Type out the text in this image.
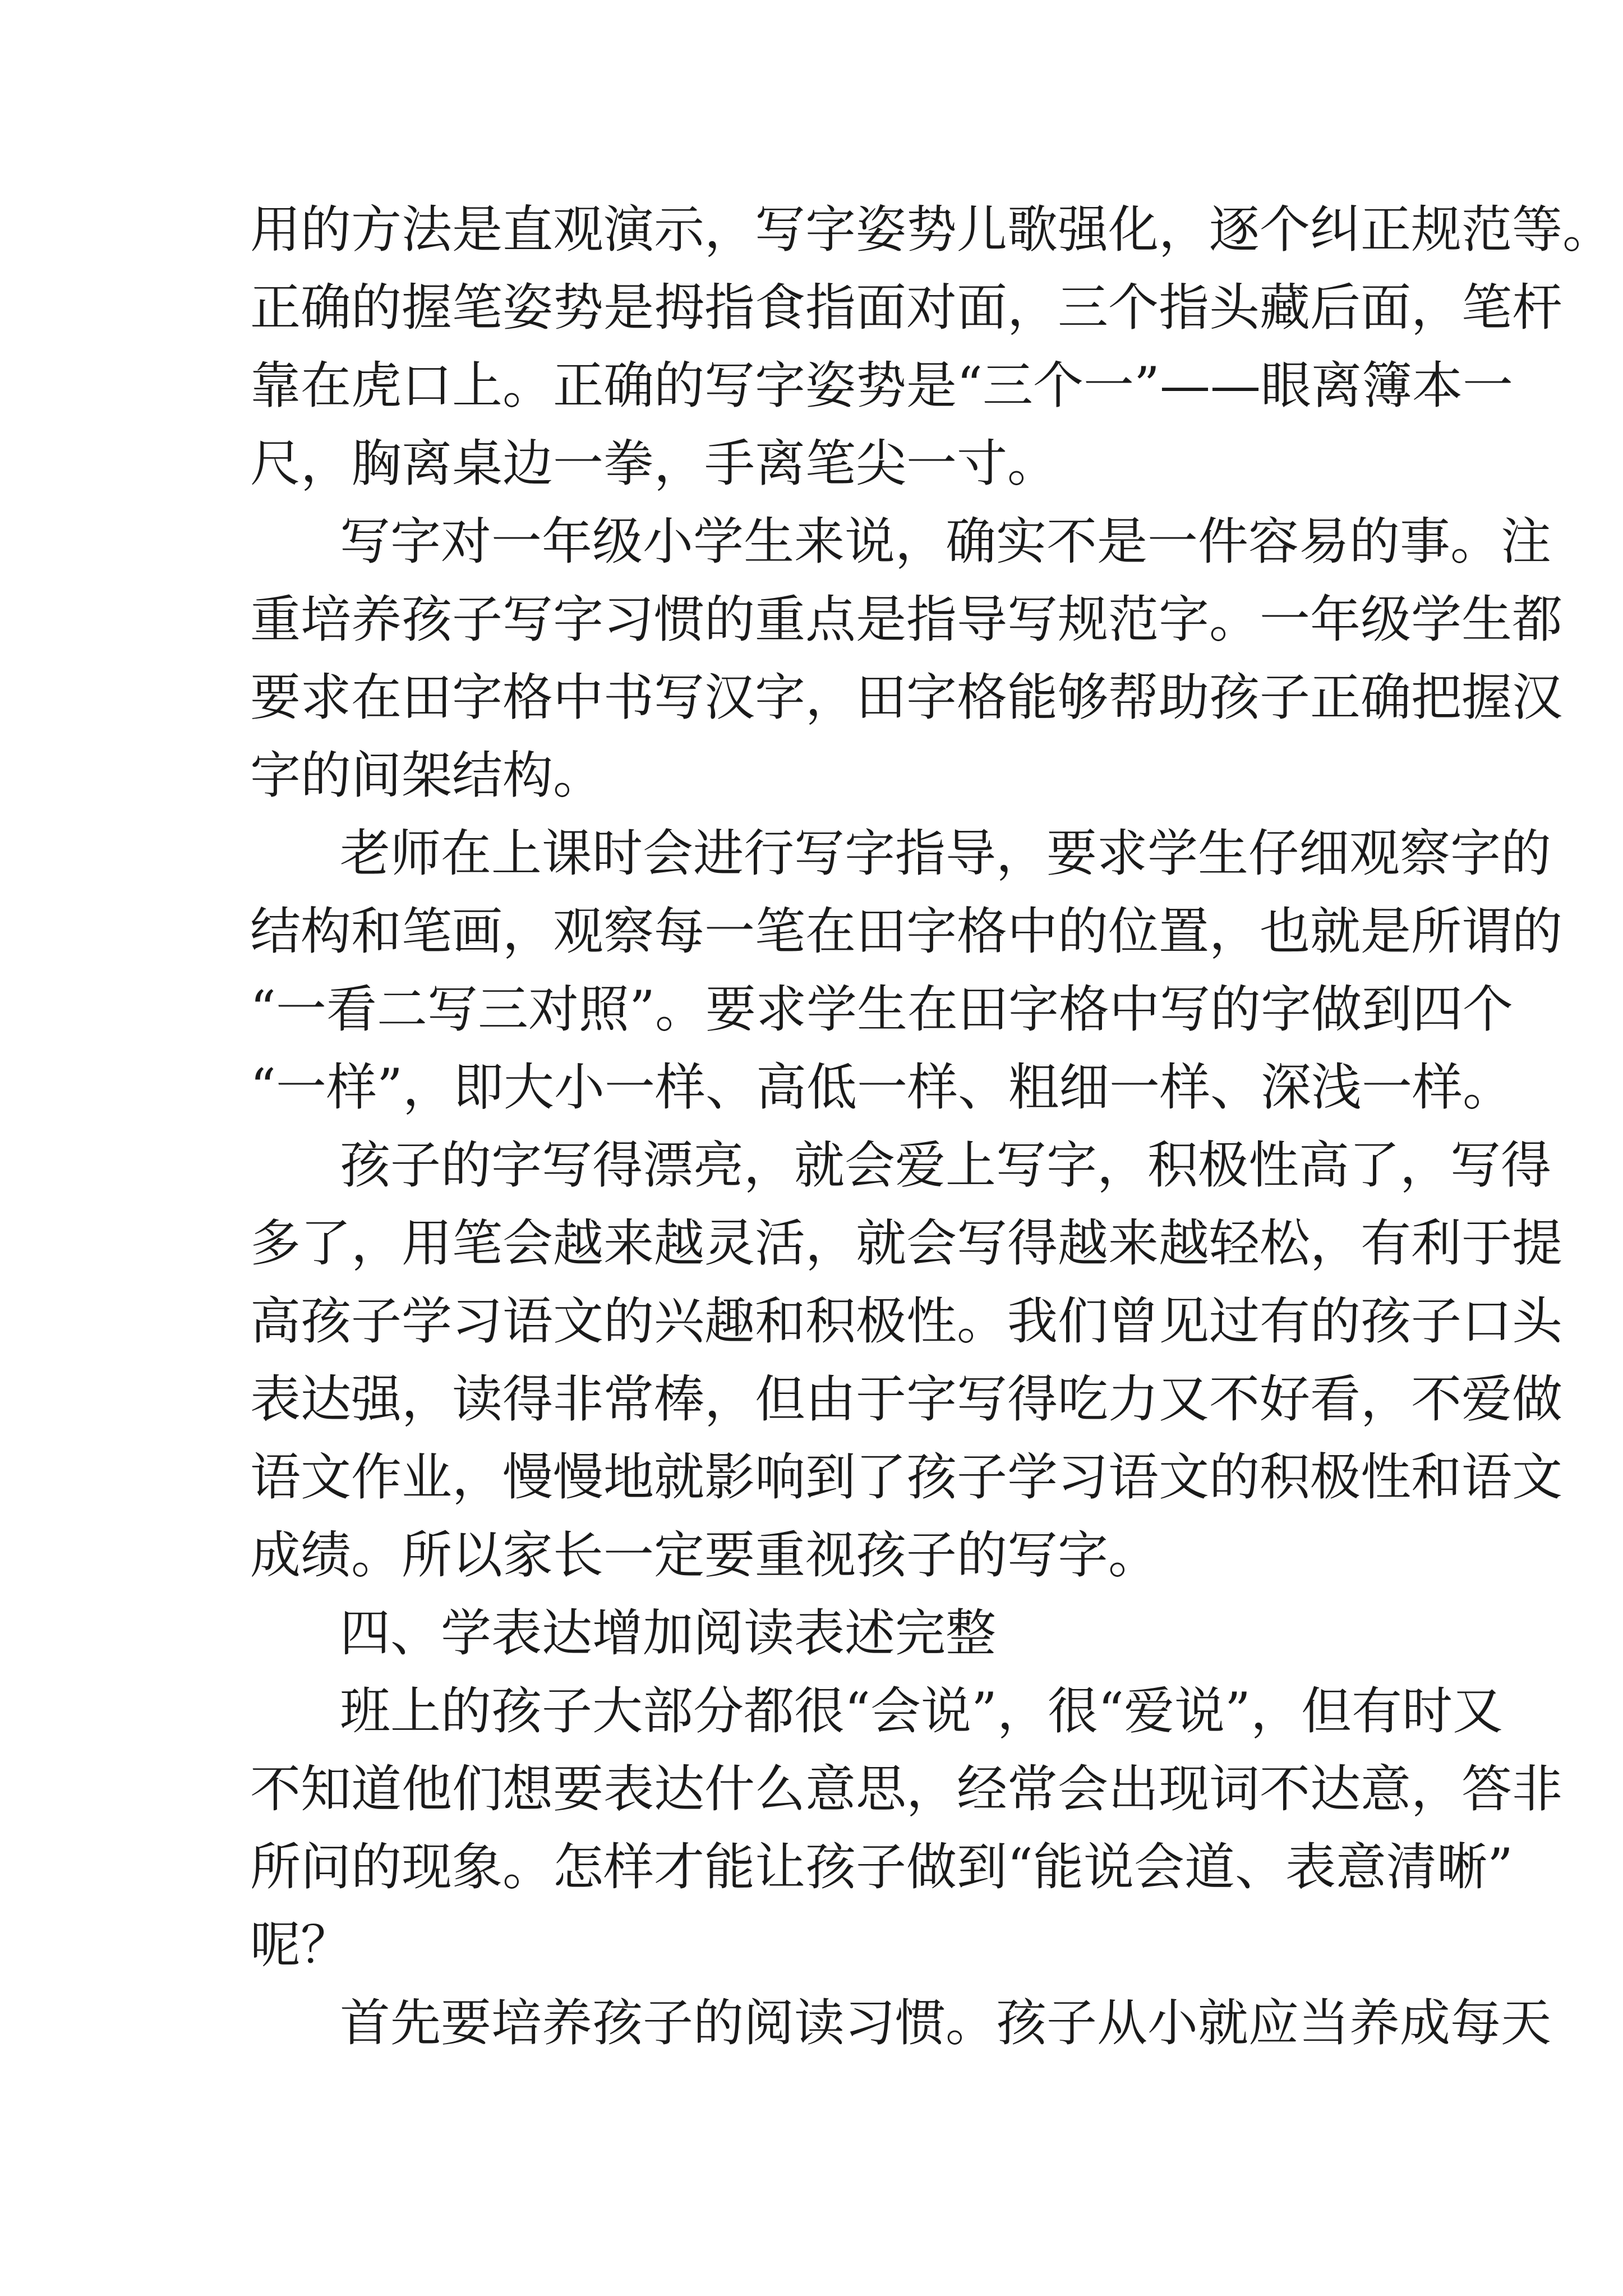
用的方法是直观演示，写字姿势儿歌强化，逐个纠正规范等。
正确的握笔姿势是拇指食指面对面，三个指头藏后面，笔杆
靠在虎口上。正确的写字姿势是“三个一”——眼离簿本一
尺，胸离桌边一拳，手离笔尖一寸。
写字对一年级小学生来说，确实不是一件容易的事。注
重培养孩子写字习惯的重点是指导写规范字。一年级学生都
要求在田字格中书写汉字，田字格能够帮助孩子正确把握汉
字的间架结构。
老师在上课时会进行写字指导，要求学生仔细观察字的
结构和笔画，观察每一笔在田字格中的位置，也就是所谓的
“一看二写三对照”。要求学生在田字格中写的字做到四个
“一样”，即大小一样、高低一样、粗细一样、深浅一样。
孩子的字写得漂亮，就会爱上写字，积极性高了，写得
多了，用笔会越来越灵活，就会写得越来越轻松，有利于提
高孩子学习语文的兴趣和积极性。我们曾见过有的孩子口头
表达强，读得非常棒，但由于字写得吃力又不好看，不爱做
语文作业，慢慢地就影响到了孩子学习语文的积极性和语文
成绩。所以家长一定要重视孩子的写字。
四、学表达增加阅读表述完整
班上的孩子大部分都很“会说”，很“爱说”，但有时又
不知道他们想要表达什么意思，经常会出现词不达意，答非
所问的现象。怎样才能让孩子做到“能说会道、表意清晰”
呢？
首先要培养孩子的阅读习惯。孩子从小就应当养成每天
